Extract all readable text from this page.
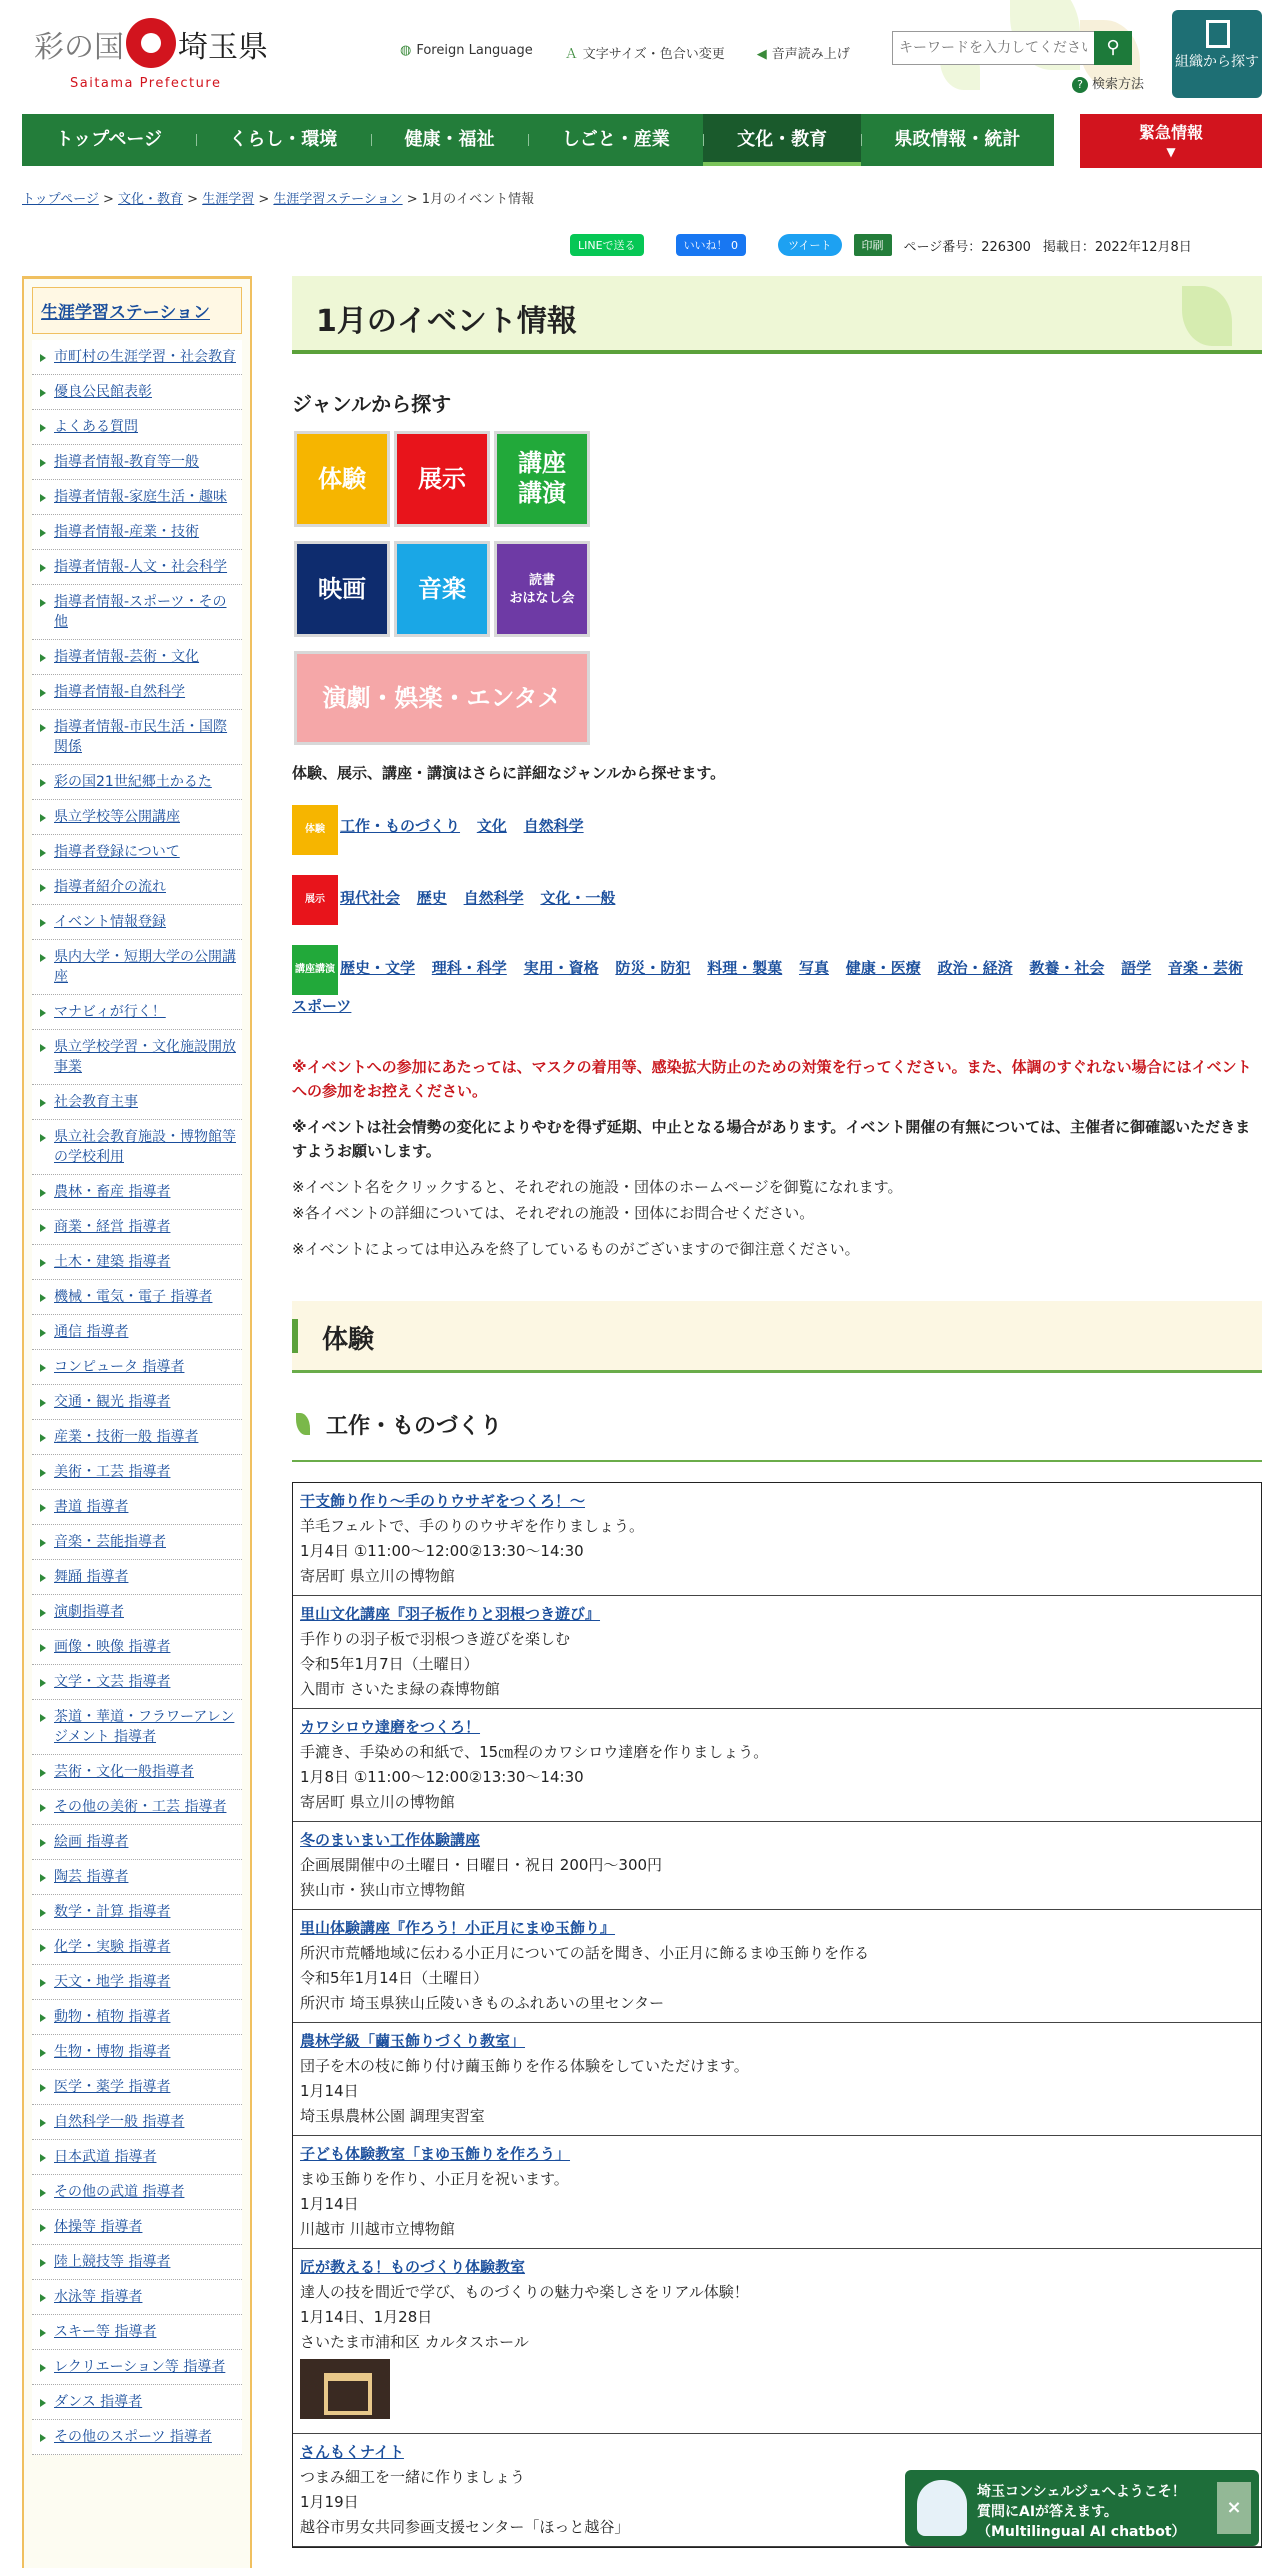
彩の国 埼玉県
Saitama Prefecture
◍ Foreign Language Ａ 文字サイズ・色合い変更 ◀ 音声読み上げ
キーワードを入力してください	⚲
? 検索方法
組織から探す
トップページ	くらし・環境	健康・福祉	しごと・産業	文化・教育	県政情報・統計	緊急情報
▼
トップページ > 文化・教育 > 生涯学習 > 生涯学習ステーション > 1月のイベント情報
LINEで送る	いいね！ 0	ツイート	印刷	ページ番号：226300 掲載日：2022年12月8日
生涯学習ステーション
市町村の生涯学習・社会教育
優良公民館表彰
よくある質問
指導者情報-教育等一般
指導者情報-家庭生活・趣味
指導者情報-産業・技術
指導者情報-人文・社会科学
指導者情報-スポーツ・その他
指導者情報-芸術・文化
指導者情報-自然科学
指導者情報-市民生活・国際関係
彩の国21世紀郷土かるた
県立学校等公開講座
指導者登録について
指導者紹介の流れ
イベント情報登録
県内大学・短期大学の公開講座
マナビィが行く！
県立学校学習・文化施設開放事業
社会教育主事
県立社会教育施設・博物館等の学校利用
農林・畜産 指導者
商業・経営 指導者
土木・建築 指導者
機械・電気・電子 指導者
通信 指導者
コンピュータ 指導者
交通・観光 指導者
産業・技術一般 指導者
美術・工芸 指導者
書道 指導者
音楽・芸能指導者
舞踊 指導者
演劇指導者
画像・映像 指導者
文学・文芸 指導者
茶道・華道・フラワーアレンジメント 指導者
芸術・文化一般指導者
その他の美術・工芸 指導者
絵画 指導者
陶芸 指導者
数学・計算 指導者
化学・実験 指導者
天文・地学 指導者
動物・植物 指導者
生物・博物 指導者
医学・薬学 指導者
自然科学一般 指導者
日本武道 指導者
その他の武道 指導者
体操等 指導者
陸上競技等 指導者
水泳等 指導者
スキー等 指導者
レクリエーション等 指導者
ダンス 指導者
その他のスポーツ 指導者
1月のイベント情報
ジャンルから探す
体験	展示
講座
講演
映画	音楽	読書
おはなし会
演劇・娯楽・エンタメ
体験、展示、講座・講演はさらに詳細なジャンルから探せます。
体験	工作・ものづくり 文化 自然科学
展示	現代社会 歴史 自然科学 文化・一般
講座講演 歴史・文学 理科・科学 実用・資格 防災・防犯 料理・製菓 写真 健康・医療 政治・経済 教養・社会 語学 音楽・芸術 スポーツ
※イベントへの参加にあたっては、マスクの着用等、感染拡大防止のための対策を行ってください。また、体調のすぐれない場合にはイベントへの参加をお控えください。
※イベントは社会情勢の変化によりやむを得ず延期、中止となる場合があります。イベント開催の有無については、主催者に御確認いただきますようお願いします。
※イベント名をクリックすると、それぞれの施設・団体のホームページを御覧になれます。
※各イベントの詳細については、それぞれの施設・団体にお問合せください。
※イベントによっては申込みを終了しているものがございますので御注意ください。
体験
工作・ものづくり
干支飾り作り～手のりウサギをつくろ！～
羊毛フェルトで、手のりのウサギを作りましょう。
1月4日 ①11:00～12:00②13:30～14:30
寄居町 県立川の博物館
里山文化講座『羽子板作りと羽根つき遊び』
手作りの羽子板で羽根つき遊びを楽しむ
令和5年1月7日（土曜日）
入間市 さいたま緑の森博物館
カワシロウ達磨をつくろ！
手漉き、手染めの和紙で、15㎝程のカワシロウ達磨を作りましょう。
1月8日 ①11:00～12:00②13:30～14:30
寄居町 県立川の博物館
冬のまいまい工作体験講座
企画展開催中の土曜日・日曜日・祝日 200円～300円
狭山市・狭山市立博物館
里山体験講座『作ろう！小正月にまゆ玉飾り』
所沢市荒幡地域に伝わる小正月についての話を聞き、小正月に飾るまゆ玉飾りを作る
令和5年1月14日（土曜日）
所沢市 埼玉県狭山丘陵いきものふれあいの里センター
農林学級「繭玉飾りづくり教室」
団子を木の枝に飾り付け繭玉飾りを作る体験をしていただけます。
1月14日
埼玉県農林公園 調理実習室
子ども体験教室「まゆ玉飾りを作ろう」
まゆ玉飾りを作り、小正月を祝います。
1月14日
川越市 川越市立博物館
匠が教える！ものづくり体験教室
達人の技を間近で学び、ものづくりの魅力や楽しさをリアル体験！
1月14日、1月28日
さいたま市浦和区 カルタスホール
さんもくナイト
つまみ細工を一緒に作りましょう
1月19日
越谷市男女共同参画支援センター「ほっと越谷」
埼玉コンシェルジュへようこそ！
質問にAIが答えます。
（Multilingual AI chatbot）
×
